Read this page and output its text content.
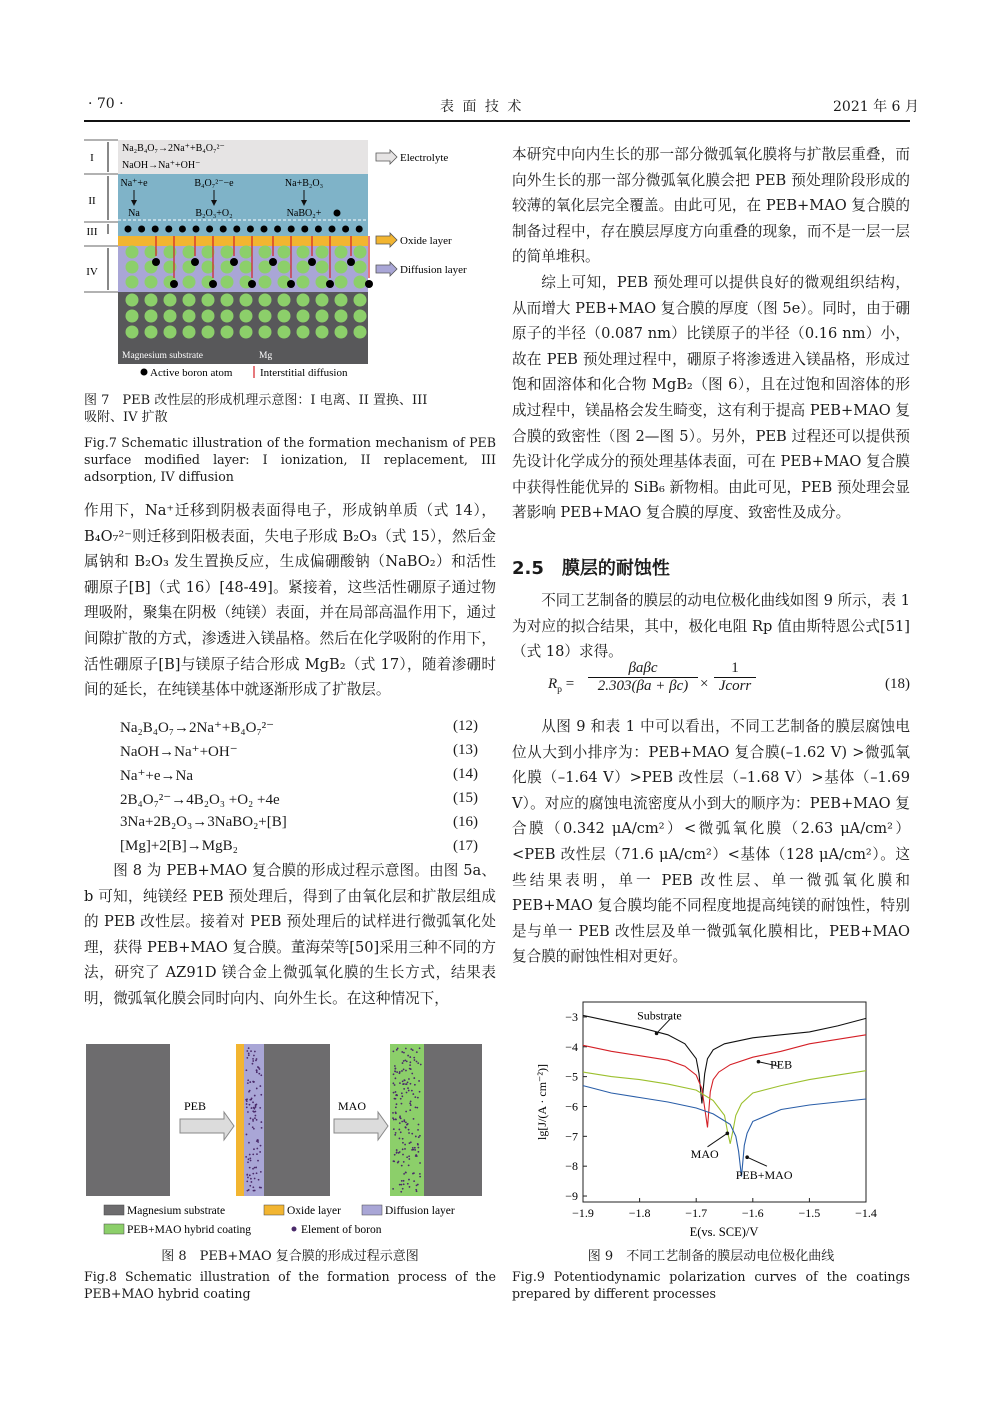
· 70 ·	表 面 技 术	2021 年 6 月
Na₂B₄O₇→2Na⁺+B₄O₇²⁻
NaOH→Na⁺+OH⁻
Na⁺+e
Na
B₄O₇²⁻−e
B₂O₃+O₂
Na+B₂O₃
NaBO₂+
Magnesium substrate	Mg
I
II
III
IV
Electrolyte
Oxide layer
Diffusion layer
Active boron atom	Interstitial diffusion
图 7　PEB 改性层的形成机理示意图：I 电离、II 置换、III
吸附、IV 扩散
Fig.7 Schematic illustration of the formation mechanism of PEB surface modified layer: I ionization, II replacement, III adsorption, IV diffusion
作用下，Na⁺迁移到阴极表面得电子，形成钠单质（式 14），B₄O₇²⁻则迁移到阳极表面，失电子形成 B₂O₃（式 15），然后金属钠和 B₂O₃ 发生置换反应，生成偏硼酸钠（NaBO₂）和活性硼原子[B]（式 16）[48-49]。紧接着，这些活性硼原子通过物理吸附，聚集在阴极（纯镁）表面，并在局部高温作用下，通过间隙扩散的方式，渗透进入镁晶格。然后在化学吸附的作用下，活性硼原子[B]与镁原子结合形成 MgB₂（式 17），随着渗硼时间的延长，在纯镁基体中就逐渐形成了扩散层。
Na₂B₄O₇→2Na⁺+B₄O₇²⁻	(12)
NaOH→Na⁺+OH⁻	(13)
Na⁺+e→Na	(14)
2B₄O₇²⁻→4B₂O₃ +O₂ +4e	(15)
3Na+2B₂O₃→3NaBO₂+[B]	(16)
[Mg]+2[B]→MgB₂	(17)
图 8 为 PEB+MAO 复合膜的形成过程示意图。由图 5a、b 可知，纯镁经 PEB 预处理后，得到了由氧化层和扩散层组成的 PEB 改性层。接着对 PEB 预处理后的试样进行微弧氧化处理，获得 PEB+MAO 复合膜。董海荣等[50]采用三种不同的方法，研究了 AZ91D 镁合金上微弧氧化膜的生长方式，结果表明，微弧氧化膜会同时向内、向外生长。在这种情况下，
PEB	MAO
Magnesium substrate	Oxide layer	Diffusion layer
PEB+MAO hybrid coating	Element of boron
图 8　PEB+MAO 复合膜的形成过程示意图
Fig.8 Schematic illustration of the formation process of the PEB+MAO hybrid coating
本研究中向内生长的那一部分微弧氧化膜将与扩散层重叠，而向外生长的那一部分微弧氧化膜会把 PEB 预处理阶段形成的较薄的氧化层完全覆盖。由此可见，在 PEB+MAO 复合膜的制备过程中，存在膜层厚度方向重叠的现象，而不是一层一层的简单堆积。
综上可知，PEB 预处理可以提供良好的微观组织结构，从而增大 PEB+MAO 复合膜的厚度（图 5e）。同时，由于硼原子的半径（0.087 nm）比镁原子的半径（0.16 nm）小，故在 PEB 预处理过程中，硼原子将渗透进入镁晶格，形成过饱和固溶体和化合物 MgB₂（图 6），且在过饱和固溶体的形成过程中，镁晶格会发生畸变，这有利于提高 PEB+MAO 复合膜的致密性（图 2—图 5）。另外，PEB 过程还可以提供预先设计化学成分的预处理基体表面，可在 PEB+MAO 复合膜中获得性能优异的 SiB₆ 新物相。由此可见，PEB 预处理会显著影响 PEB+MAO 复合膜的厚度、致密性及成分。
2.5　膜层的耐蚀性
不同工艺制备的膜层的动电位极化曲线如图 9 所示，表 1 为对应的拟合结果，其中，极化电阻 Rp 值由斯特恩公式[51]（式 18）求得。
$R_p$ =
βaβc
2.303(βa + βc) ×
1
Jcorr	(18)
从图 9 和表 1 中可以看出，不同工艺制备的膜层腐蚀电位从大到小排序为：PEB+MAO 复合膜(–1.62 V) >微弧氧化膜（–1.64 V）>PEB 改性层（–1.68 V）>基体（–1.69 V）。对应的腐蚀电流密度从小到大的顺序为：PEB+MAO 复合膜（0.342 μA/cm²）<微弧氧化膜（2.63 μA/cm²）<PEB 改性层（71.6 μA/cm²）<基体（128 μA/cm²）。这些结果表明，单一 PEB 改性层、单一微弧氧化膜和 PEB+MAO 复合膜均能不同程度地提高纯镁的耐蚀性，特别是与单一 PEB 改性层及单一微弧氧化膜相比，PEB+MAO 复合膜的耐蚀性相对更好。
−1.9	−1.8	−1.7	−1.6	−1.5	−1.4
−3
−4
−5
−6
−7
−8
−9
E(vs. SCE)/V
lg[J/(A · cm⁻²)]
Substrate
PEB
MAO
PEB+MAO
图 9　不同工艺制备的膜层动电位极化曲线
Fig.9 Potentiodynamic polarization curves of the coatings prepared by different processes
